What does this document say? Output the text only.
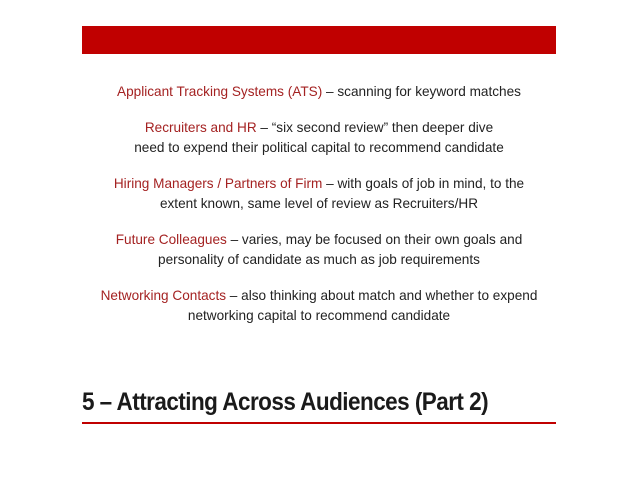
Applicant Tracking Systems (ATS) – scanning for keyword matches

Recruiters and HR – “six second review” then deeper dive
need to expend their political capital to recommend candidate

Hiring Managers / Partners of Firm – with goals of job in mind, to the
extent known, same level of review as Recruiters/HR

Future Colleagues – varies, may be focused on their own goals and
personality of candidate as much as job requirements

Networking Contacts – also thinking about match and whether to expend
networking capital to recommend candidate

5 – Attracting Across Audiences (Part 2)
